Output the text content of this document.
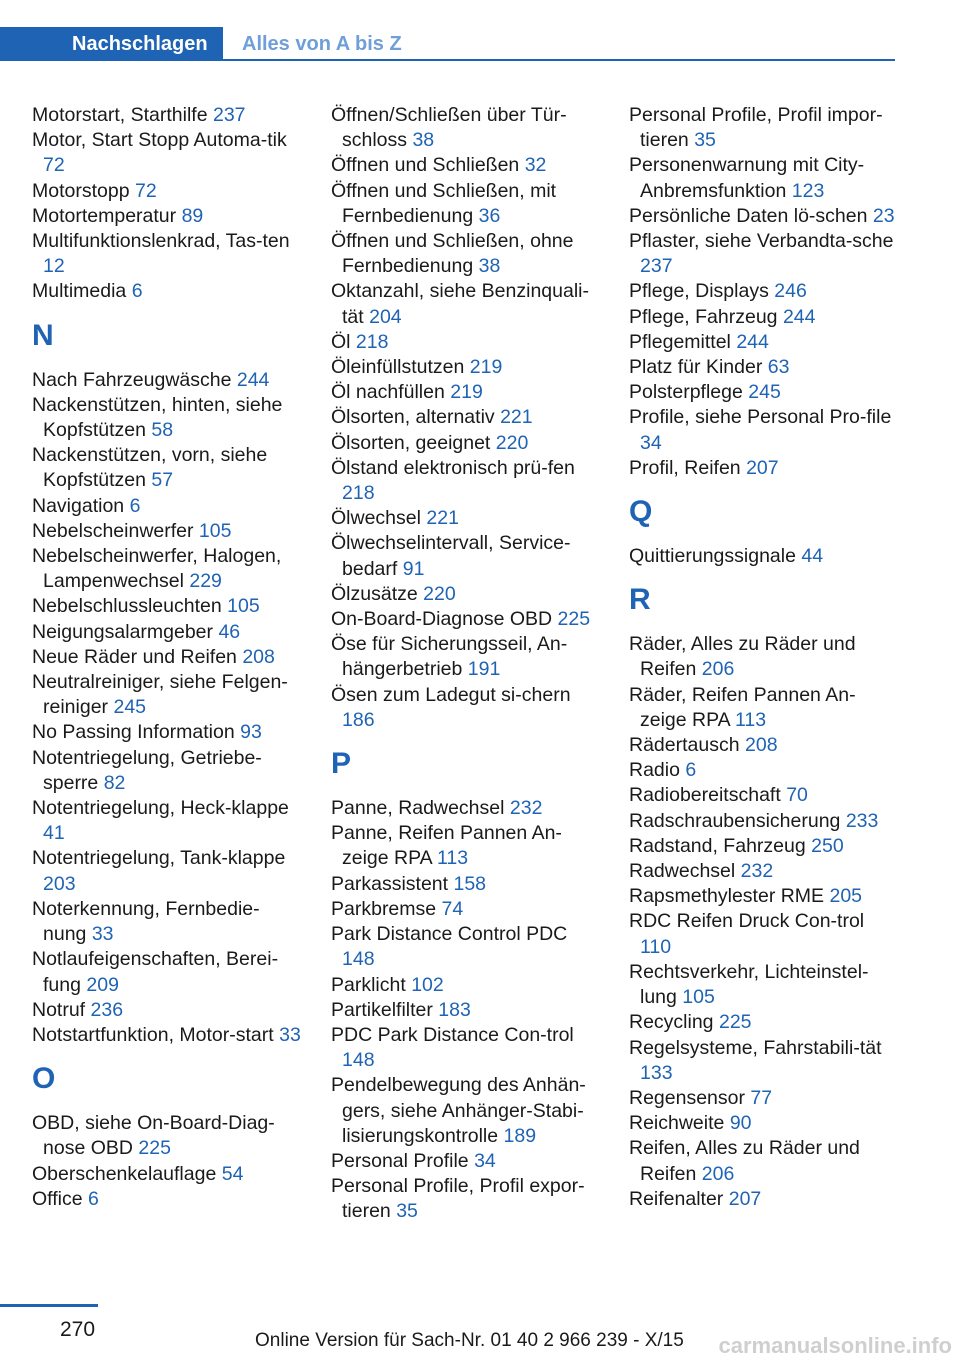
Nachschlagen	Alles von A bis Z
Motorstart, Starthilfe 237
Motor, Start Stopp Automa‐tik 72
Motorstopp 72
Motortemperatur 89
Multifunktionslenkrad, Tas‐ten 12
Multimedia 6
N
Nach Fahrzeugwäsche 244
Nackenstützen, hinten, siehe Kopfstützen 58
Nackenstützen, vorn, siehe Kopfstützen 57
Navigation 6
Nebelscheinwerfer 105
Nebelscheinwerfer, Halogen, Lampenwechsel 229
Nebelschlussleuchten 105
Neigungsalarmgeber 46
Neue Räder und Reifen 208
Neutralreiniger, siehe Felgen‐reiniger 245
No Passing Information 93
Notentriegelung, Getriebe‐sperre 82
Notentriegelung, Heck‐klappe 41
Notentriegelung, Tank‐klappe 203
Noterkennung, Fernbedie‐nung 33
Notlaufeigenschaften, Berei‐fung 209
Notruf 236
Notstartfunktion, Motor‐start 33
O
OBD, siehe On-Board-Diag‐nose OBD 225
Oberschenkelauflage 54
Office 6
Öffnen/Schließen über Tür‐schloss 38
Öffnen und Schließen 32
Öffnen und Schließen, mit Fernbedienung 36
Öffnen und Schließen, ohne Fernbedienung 38
Oktanzahl, siehe Benzinquali‐tät 204
Öl 218
Öleinfüllstutzen 219
Öl nachfüllen 219
Ölsorten, alternativ 221
Ölsorten, geeignet 220
Ölstand elektronisch prü‐fen 218
Ölwechsel 221
Ölwechselintervall, Service‐bedarf 91
Ölzusätze 220
On-Board-Diagnose OBD 225
Öse für Sicherungsseil, An‐hängerbetrieb 191
Ösen zum Ladegut si‐chern 186
P
Panne, Radwechsel 232
Panne, Reifen Pannen An‐zeige RPA 113
Parkassistent 158
Parkbremse 74
Park Distance Control PDC 148
Parklicht 102
Partikelfilter 183
PDC Park Distance Con‐trol 148
Pendelbewegung des Anhän‐gers, siehe Anhänger-Stabi‐lisierungskontrolle 189
Personal Profile 34
Personal Profile, Profil expor‐tieren 35
Personal Profile, Profil impor‐tieren 35
Personenwarnung mit City-Anbremsfunktion 123
Persönliche Daten lö‐schen 23
Pflaster, siehe Verbandta‐sche 237
Pflege, Displays 246
Pflege, Fahrzeug 244
Pflegemittel 244
Platz für Kinder 63
Polsterpflege 245
Profile, siehe Personal Pro‐file 34
Profil, Reifen 207
Q
Quittierungssignale 44
R
Räder, Alles zu Räder und Reifen 206
Räder, Reifen Pannen An‐zeige RPA 113
Rädertausch 208
Radio 6
Radiobereitschaft 70
Radschraubensicherung 233
Radstand, Fahrzeug 250
Radwechsel 232
Rapsmethylester RME 205
RDC Reifen Druck Con‐trol 110
Rechtsverkehr, Lichteinstel‐lung 105
Recycling 225
Regelsysteme, Fahrstabili‐tät 133
Regensensor 77
Reichweite 90
Reifen, Alles zu Räder und Reifen 206
Reifenalter 207
270	Online Version für Sach-Nr. 01 40 2 966 239 - X/15 carmanualsonline.info
